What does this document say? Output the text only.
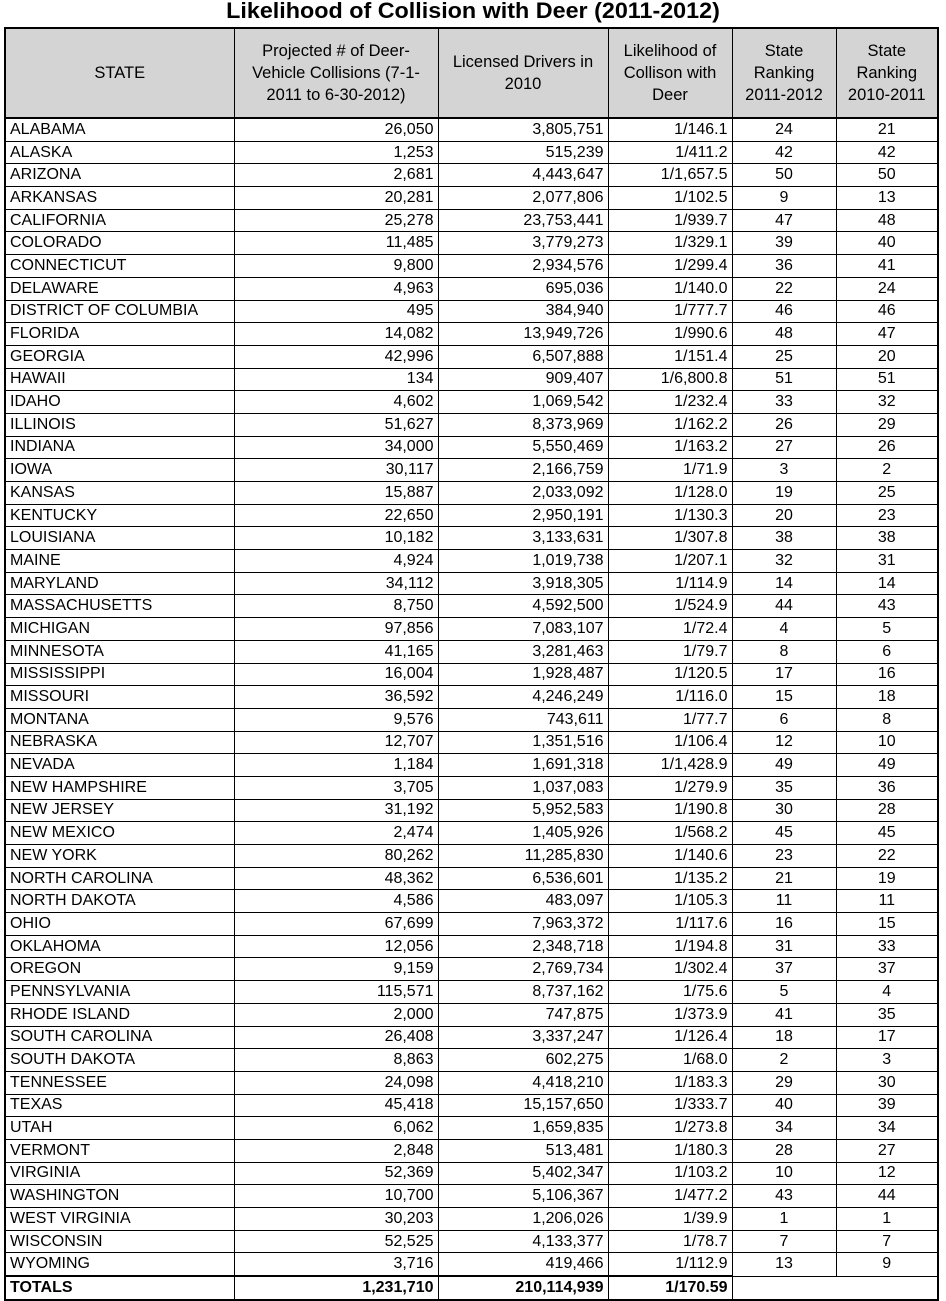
Likelihood of Collision with Deer (2011-2012)
STATE	Projected # of Deer-Vehicle Collisions (7-1-2011 to 6-30-2012)	Licensed Drivers in 2010	Likelihood of Collison with Deer	State Ranking 2011-2012	State Ranking 2010-2011
ALABAMA	26,050	3,805,751	1/146.1	24	21
ALASKA	1,253	515,239	1/411.2	42	42
ARIZONA	2,681	4,443,647	1/1,657.5	50	50
ARKANSAS	20,281	2,077,806	1/102.5	9	13
CALIFORNIA	25,278	23,753,441	1/939.7	47	48
COLORADO	11,485	3,779,273	1/329.1	39	40
CONNECTICUT	9,800	2,934,576	1/299.4	36	41
DELAWARE	4,963	695,036	1/140.0	22	24
DISTRICT OF COLUMBIA	495	384,940	1/777.7	46	46
FLORIDA	14,082	13,949,726	1/990.6	48	47
GEORGIA	42,996	6,507,888	1/151.4	25	20
HAWAII	134	909,407	1/6,800.8	51	51
IDAHO	4,602	1,069,542	1/232.4	33	32
ILLINOIS	51,627	8,373,969	1/162.2	26	29
INDIANA	34,000	5,550,469	1/163.2	27	26
IOWA	30,117	2,166,759	1/71.9	3	2
KANSAS	15,887	2,033,092	1/128.0	19	25
KENTUCKY	22,650	2,950,191	1/130.3	20	23
LOUISIANA	10,182	3,133,631	1/307.8	38	38
MAINE	4,924	1,019,738	1/207.1	32	31
MARYLAND	34,112	3,918,305	1/114.9	14	14
MASSACHUSETTS	8,750	4,592,500	1/524.9	44	43
MICHIGAN	97,856	7,083,107	1/72.4	4	5
MINNESOTA	41,165	3,281,463	1/79.7	8	6
MISSISSIPPI	16,004	1,928,487	1/120.5	17	16
MISSOURI	36,592	4,246,249	1/116.0	15	18
MONTANA	9,576	743,611	1/77.7	6	8
NEBRASKA	12,707	1,351,516	1/106.4	12	10
NEVADA	1,184	1,691,318	1/1,428.9	49	49
NEW HAMPSHIRE	3,705	1,037,083	1/279.9	35	36
NEW JERSEY	31,192	5,952,583	1/190.8	30	28
NEW MEXICO	2,474	1,405,926	1/568.2	45	45
NEW YORK	80,262	11,285,830	1/140.6	23	22
NORTH CAROLINA	48,362	6,536,601	1/135.2	21	19
NORTH DAKOTA	4,586	483,097	1/105.3	11	11
OHIO	67,699	7,963,372	1/117.6	16	15
OKLAHOMA	12,056	2,348,718	1/194.8	31	33
OREGON	9,159	2,769,734	1/302.4	37	37
PENNSYLVANIA	115,571	8,737,162	1/75.6	5	4
RHODE ISLAND	2,000	747,875	1/373.9	41	35
SOUTH CAROLINA	26,408	3,337,247	1/126.4	18	17
SOUTH DAKOTA	8,863	602,275	1/68.0	2	3
TENNESSEE	24,098	4,418,210	1/183.3	29	30
TEXAS	45,418	15,157,650	1/333.7	40	39
UTAH	6,062	1,659,835	1/273.8	34	34
VERMONT	2,848	513,481	1/180.3	28	27
VIRGINIA	52,369	5,402,347	1/103.2	10	12
WASHINGTON	10,700	5,106,367	1/477.2	43	44
WEST VIRGINIA	30,203	1,206,026	1/39.9	1	1
WISCONSIN	52,525	4,133,377	1/78.7	7	7
WYOMING	3,716	419,466	1/112.9	13	9
TOTALS	1,231,710	210,114,939	1/170.59		
